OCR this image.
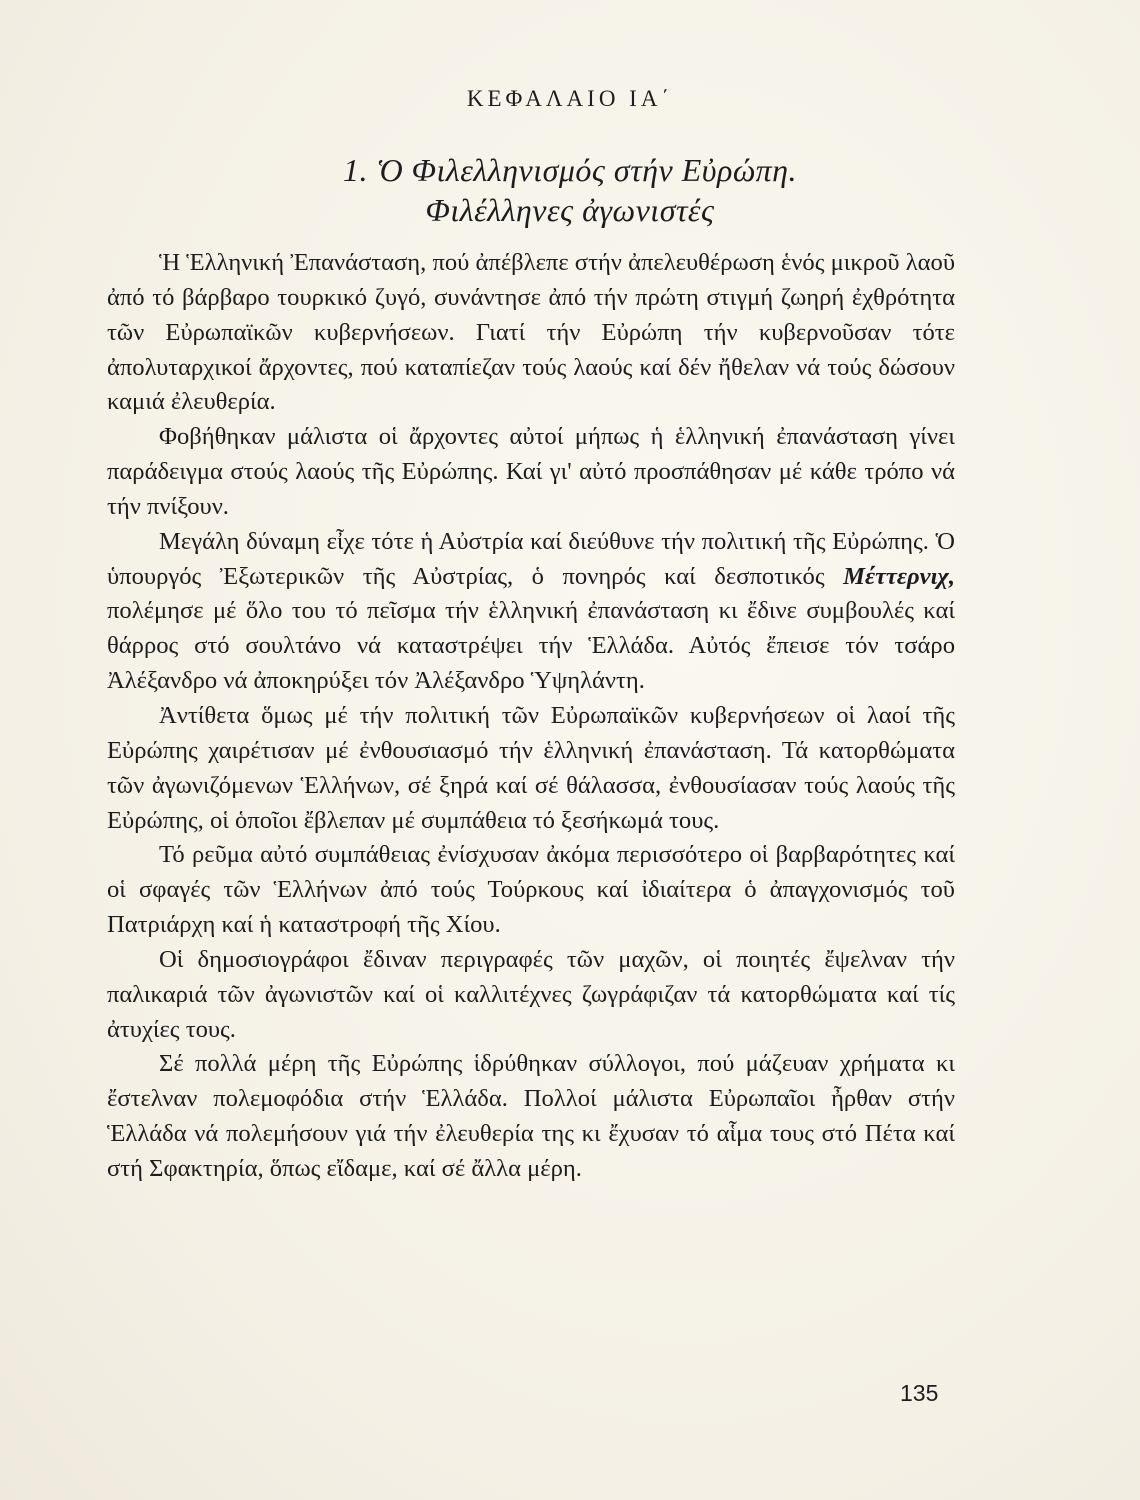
ΚΕΦΑΛΑΙΟ ΙΑ΄
1. Ὁ Φιλελληνισμός στήν Εὐρώπη.
Φιλέλληνες ἀγωνιστές

Ἡ Ἑλληνική Ἐπανάσταση, πού ἀπέβλεπε στήν ἀπελευθέρωση ἑνός μικροῦ λαοῦ ἀπό τό βάρβαρο τουρκικό ζυγό, συνάντησε ἀπό τήν πρώτη στιγμή ζωηρή ἐχθρότητα τῶν Εὐρωπαϊκῶν κυβερνήσεων. Γιατί τήν Εὐρώπη τήν κυβερνοῦσαν τότε ἀπολυταρχικοί ἄρχοντες, πού καταπίεζαν τούς λαούς καί δέν ἤθελαν νά τούς δώσουν καμιά ἐλευθερία.

Φοβήθηκαν μάλιστα οἱ ἄρχοντες αὐτοί μήπως ἡ ἑλληνική ἐπανάσταση γίνει παράδειγμα στούς λαούς τῆς Εὐρώπης. Καί γι' αὐτό προσπάθησαν μέ κάθε τρόπο νά τήν πνίξουν.

Μεγάλη δύναμη εἶχε τότε ἡ Αὐστρία καί διεύθυνε τήν πολιτική τῆς Εὐρώπης. Ὁ ὑπουργός Ἐξωτερικῶν τῆς Αὐστρίας, ὁ πονηρός καί δεσποτικός Μέττερνιχ, πολέμησε μέ ὅλο του τό πεῖσμα τήν ἑλληνική ἐπανάσταση κι ἔδινε συμβουλές καί θάρρος στό σουλτάνο νά καταστρέψει τήν Ἑλλάδα. Αὐτός ἔπεισε τόν τσάρο Ἀλέξανδρο νά ἀποκηρύξει τόν Ἀλέξανδρο Ὑψηλάντη.

Ἀντίθετα ὅμως μέ τήν πολιτική τῶν Εὐρωπαϊκῶν κυβερνήσεων οἱ λαοί τῆς Εὐρώπης χαιρέτισαν μέ ἐνθουσιασμό τήν ἑλληνική ἐπανάσταση. Τά κατορθώματα τῶν ἀγωνιζόμενων Ἑλλήνων, σέ ξηρά καί σέ θάλασσα, ἐνθουσίασαν τούς λαούς τῆς Εὐρώπης, οἱ ὁποῖοι ἔβλεπαν μέ συμπάθεια τό ξεσήκωμά τους.

Τό ρεῦμα αὐτό συμπάθειας ἐνίσχυσαν ἀκόμα περισσότερο οἱ βαρβαρότητες καί οἱ σφαγές τῶν Ἑλλήνων ἀπό τούς Τούρκους καί ἰδιαίτερα ὁ ἀπαγχονισμός τοῦ Πατριάρχη καί ἡ καταστροφή τῆς Χίου.

Οἱ δημοσιογράφοι ἔδιναν περιγραφές τῶν μαχῶν, οἱ ποιητές ἔψελναν τήν παλικαριά τῶν ἀγωνιστῶν καί οἱ καλλιτέχνες ζωγράφιζαν τά κατορθώματα καί τίς ἀτυχίες τους.

Σέ πολλά μέρη τῆς Εὐρώπης ἱδρύθηκαν σύλλογοι, πού μάζευαν χρήματα κι ἔστελναν πολεμοφόδια στήν Ἑλλάδα. Πολλοί μάλιστα Εὐρωπαῖοι ἦρθαν στήν Ἑλλάδα νά πολεμήσουν γιά τήν ἐλευθερία της κι ἔχυσαν τό αἷμα τους στό Πέτα καί στή Σφακτηρία, ὅπως εἴδαμε, καί σέ ἄλλα μέρη.

135
